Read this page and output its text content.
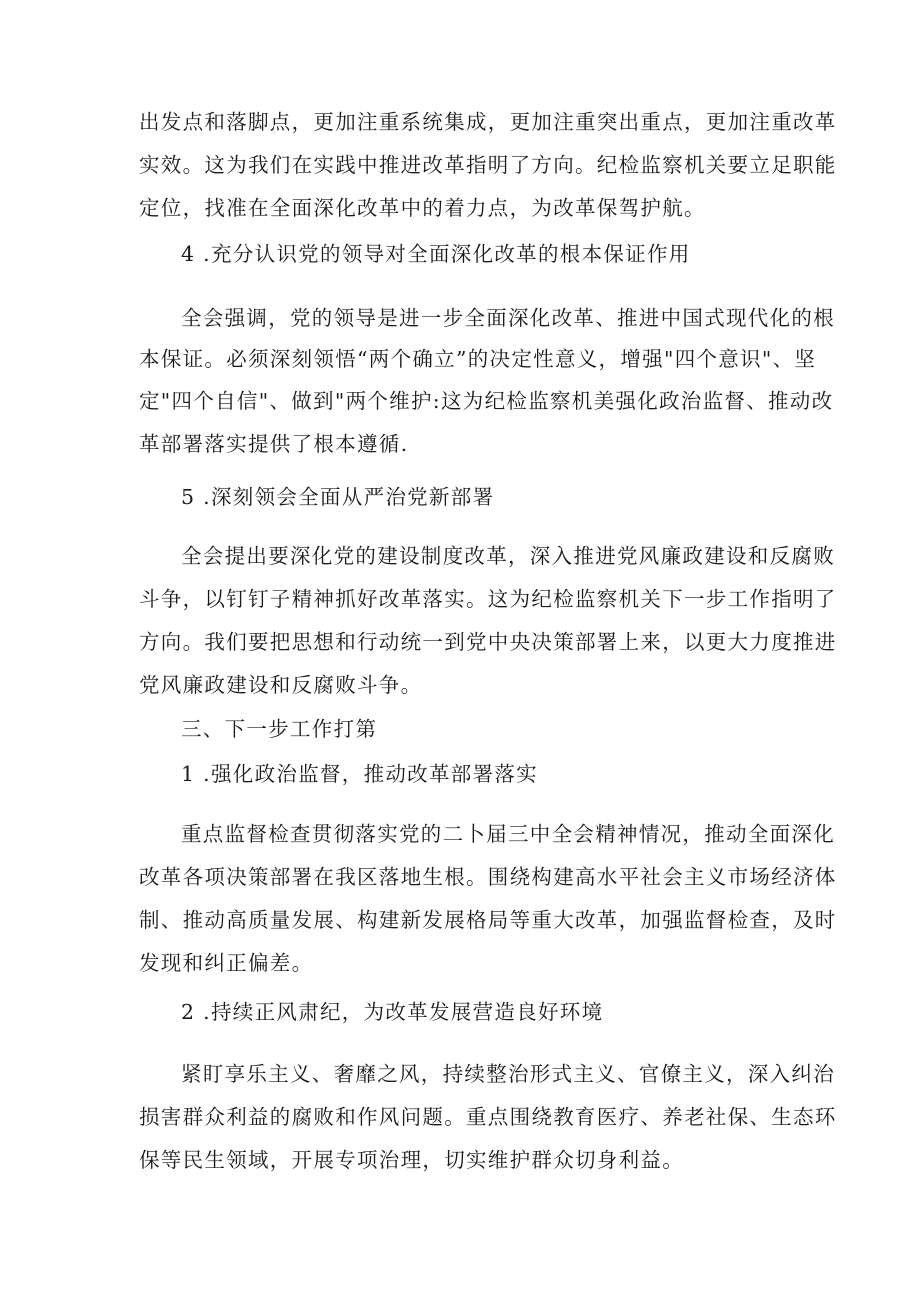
出发点和落脚点，更加注重系统集成，更加注重突出重点，更加注重改革
实效。这为我们在实践中推进改革指明了方向。纪检监察机关要立足职能
定位，找准在全面深化改革中的着力点，为改革保驾护航。
4 .充分认识党的领导对全面深化改革的根本保证作用
全会强调，党的领导是进一步全面深化改革、推进中国式现代化的根
本保证。必须深刻领悟“两个确立”的决定性意义，增强"四个意识"、坚
定"四个自信"、做到"两个维护:这为纪检监察机美强化政治监督、推动改
革部署落实提供了根本遵循.
5 .深刻领会全面从严治党新部署
全会提出要深化党的建设制度改革，深入推进党风廉政建设和反腐败
斗争，以钉钉子精神抓好改革落实。这为纪检监察机关下一步工作指明了
方向。我们要把思想和行动统一到党中央决策部署上来，以更大力度推进
党风廉政建设和反腐败斗争。
三、下一步工作打第
1 .强化政治监督，推动改革部署落实
重点监督检查贯彻落实党的二卜届三中全会精神情况，推动全面深化
改革各项决策部署在我区落地生根。围绕构建高水平社会主义市场经济体
制、推动高质量发展、构建新发展格局等重大改革，加强监督检查，及时
发现和纠正偏差。
2 .持续正风肃纪，为改革发展营造良好环境
紧盯享乐主义、奢靡之风，持续整治形式主义、官僚主义，深入纠治
损害群众利益的腐败和作风问题。重点围绕教育医疗、养老社保、生态环
保等民生领域，开展专项治理，切实维护群众切身利益。
